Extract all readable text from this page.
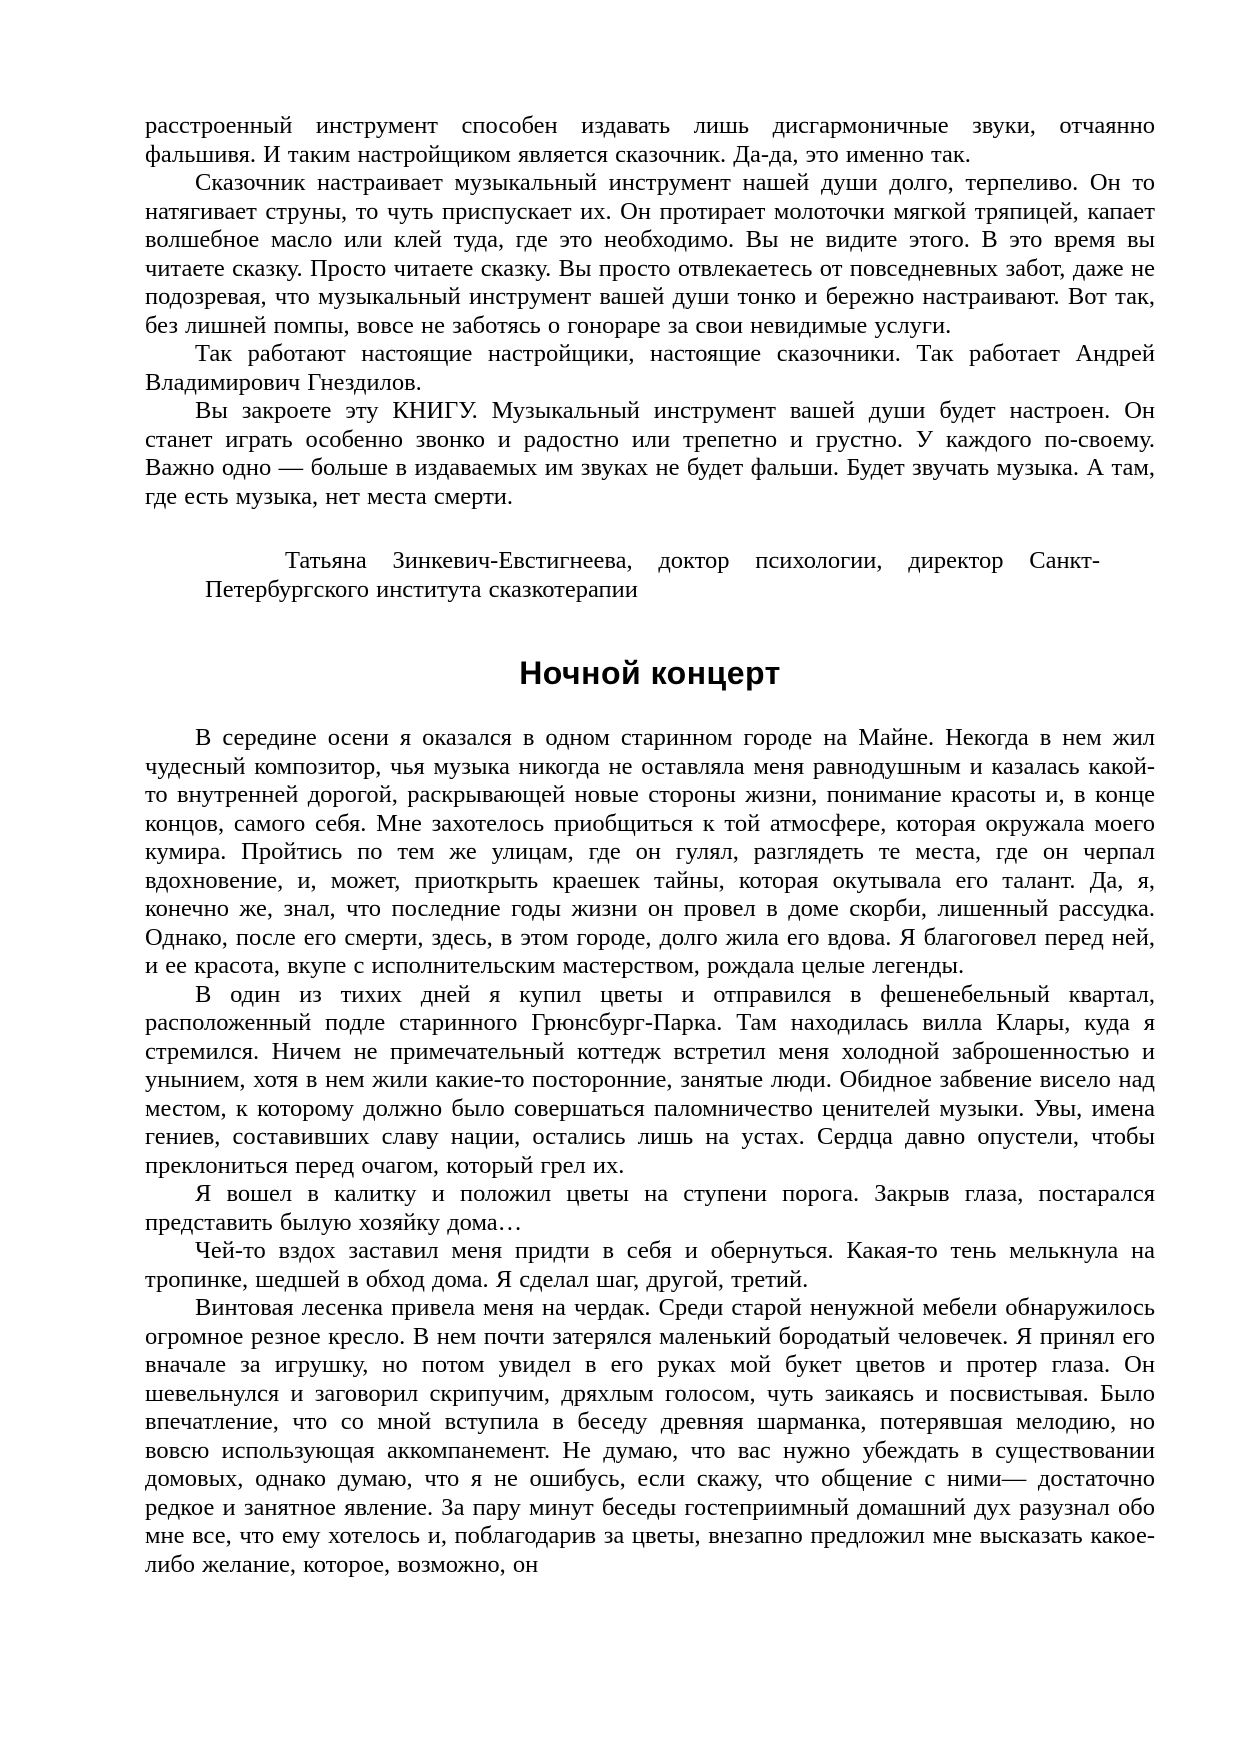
расстроенный инструмент способен издавать лишь дисгармоничные звуки, отчаянно фальшивя. И таким настройщиком является сказочник. Да-да, это именно так.

Сказочник настраивает музыкальный инструмент нашей души долго, терпеливо. Он то натягивает струны, то чуть приспускает их. Он протирает молоточки мягкой тряпицей, капает волшебное масло или клей туда, где это необходимо. Вы не видите этого. В это время вы читаете сказку. Просто читаете сказку. Вы просто отвлекаетесь от повседневных забот, даже не подозревая, что музыкальный инструмент вашей души тонко и бережно настраивают. Вот так, без лишней помпы, вовсе не заботясь о гонораре за свои невидимые услуги.

Так работают настоящие настройщики, настоящие сказочники. Так работает Андрей Владимирович Гнездилов.

Вы закроете эту КНИГУ. Музыкальный инструмент вашей души будет настроен. Он станет играть особенно звонко и радостно или трепетно и грустно. У каждого по-своему. Важно одно — больше в издаваемых им звуках не будет фальши. Будет звучать музыка. А там, где есть музыка, нет места смерти.

Татьяна Зинкевич-Евстигнеева, доктор психологии, директор Санкт-Петербургского института сказкотерапии

Ночной концерт

В середине осени я оказался в одном старинном городе на Майне. Некогда в нем жил чудесный композитор, чья музыка никогда не оставляла меня равнодушным и казалась какой-то внутренней дорогой, раскрывающей новые стороны жизни, понимание красоты и, в конце концов, самого себя. Мне захотелось приобщиться к той атмосфере, которая окружала моего кумира. Пройтись по тем же улицам, где он гулял, разглядеть те места, где он черпал вдохновение, и, может, приоткрыть краешек тайны, которая окутывала его талант. Да, я, конечно же, знал, что последние годы жизни он провел в доме скорби, лишенный рассудка. Однако, после его смерти, здесь, в этом городе, долго жила его вдова. Я благоговел перед ней, и ее красота, вкупе с исполнительским мастерством, рождала целые легенды.

В один из тихих дней я купил цветы и отправился в фешенебельный квартал, расположенный подле старинного Грюнсбург-Парка. Там находилась вилла Клары, куда я стремился. Ничем не примечательный коттедж встретил меня холодной заброшенностью и унынием, хотя в нем жили какие-то посторонние, занятые люди. Обидное забвение висело над местом, к которому должно было совершаться паломничество ценителей музыки. Увы, имена гениев, составивших славу нации, остались лишь на устах. Сердца давно опустели, чтобы преклониться перед очагом, который грел их.

Я вошел в калитку и положил цветы на ступени порога. Закрыв глаза, постарался представить былую хозяйку дома…

Чей-то вздох заставил меня придти в себя и обернуться. Какая-то тень мелькнула на тропинке, шедшей в обход дома. Я сделал шаг, другой, третий.

Винтовая лесенка привела меня на чердак. Среди старой ненужной мебели обнаружилось огромное резное кресло. В нем почти затерялся маленький бородатый человечек. Я принял его вначале за игрушку, но потом увидел в его руках мой букет цветов и протер глаза. Он шевельнулся и заговорил скрипучим, дряхлым голосом, чуть заикаясь и посвистывая. Было впечатление, что со мной вступила в беседу древняя шарманка, потерявшая мелодию, но вовсю использующая аккомпанемент. Не думаю, что вас нужно убеждать в существовании домовых, однако думаю, что я не ошибусь, если скажу, что общение с ними— достаточно редкое и занятное явление. За пару минут беседы гостеприимный домашний дух разузнал обо мне все, что ему хотелось и, поблагодарив за цветы, внезапно предложил мне высказать какое-либо желание, которое, возможно, он
